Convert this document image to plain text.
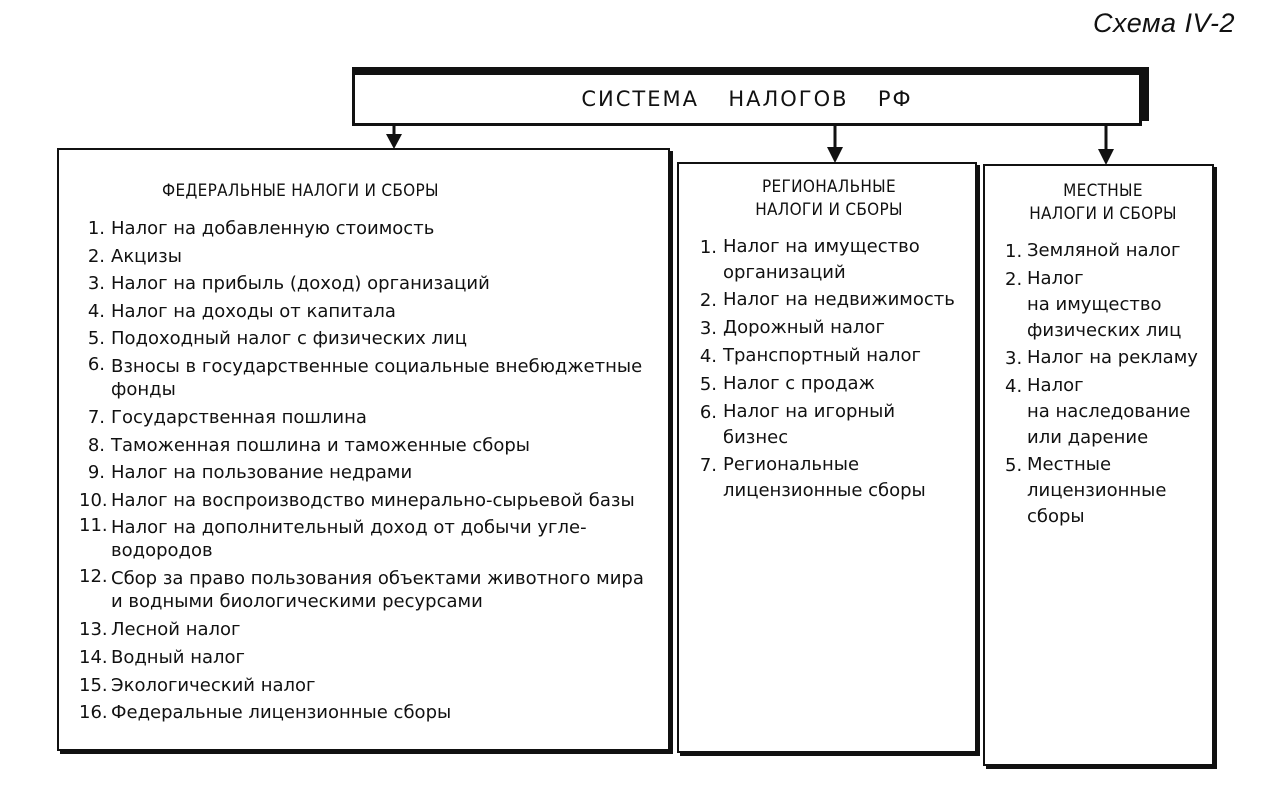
Схема IV-2
СИСТЕМА  НАЛОГОВ  РФ
ФЕДЕРАЛЬНЫЕ НАЛОГИ И СБОРЫ
1. Налог на добавленную стоимость
2. Акцизы
3. Налог на прибыль (доход) организаций
4. Налог на доходы от капитала
5. Подоходный налог с физических лиц
6. Взносы в государственные социальные внебюджетные
фонды
7. Государственная пошлина
8. Таможенная пошлина и таможенные сборы
9. Налог на пользование недрами
10. Налог на воспроизводство минерально-сырьевой базы
11. Налог на дополнительный доход от добычи угле-
водородов
12. Сбор за право пользования объектами животного мира
и водными биологическими ресурсами
13. Лесной налог
14. Водный налог
15. Экологический налог
16. Федеральные лицензионные сборы
РЕГИОНАЛЬНЫЕ
НАЛОГИ И СБОРЫ
1. Налог на имущество
организаций
2. Налог на недвижимость
3. Дорожный налог
4. Транспортный налог
5. Налог с продаж
6. Налог на игорный
бизнес
7. Региональные
лицензионные сборы
МЕСТНЫЕ
НАЛОГИ И СБОРЫ
1. Земляной налог
2. Налог
на имущество
физических лиц
3. Налог на рекламу
4. Налог
на наследование
или дарение
5. Местные
лицензионные
сборы
